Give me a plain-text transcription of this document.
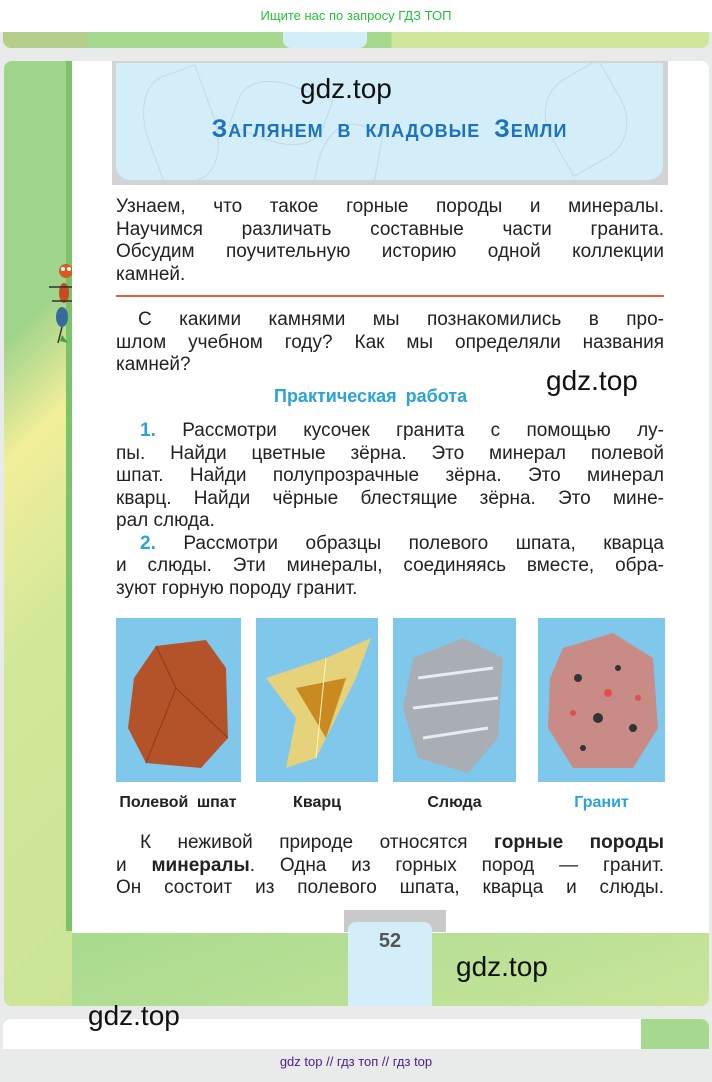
Ищите нас по запросу ГДЗ ТОП
Заглянем в кладовые Земли
gdz.top
Узнаем, что такое горные породы и минералы.
Научимся различать составные части гранита.
Обсудим поучительную историю одной коллекции
камней.
С какими камнями мы познакомились в про-
шлом учебном году? Как мы определяли названия
камней?
Практическая работа	gdz.top
1. Рассмотри кусочек гранита с помощью лу-
пы. Найди цветные зёрна. Это минерал полевой
шпат. Найди полупрозрачные зёрна. Это минерал
кварц. Найди чёрные блестящие зёрна. Это мине-
рал слюда.
2. Рассмотри образцы полевого шпата, кварца
и слюды. Эти минералы, соединяясь вместе, обра-
зуют горную породу гранит.
Полевой шпат	Кварц	Слюда	Гранит
К неживой природе относятся горные породы
и минералы. Одна из горных пород — гранит.
Он состоит из полевого шпата, кварца и слюды.
52
gdz.top
gdz.top
gdz top // гдз топ // гдз top
